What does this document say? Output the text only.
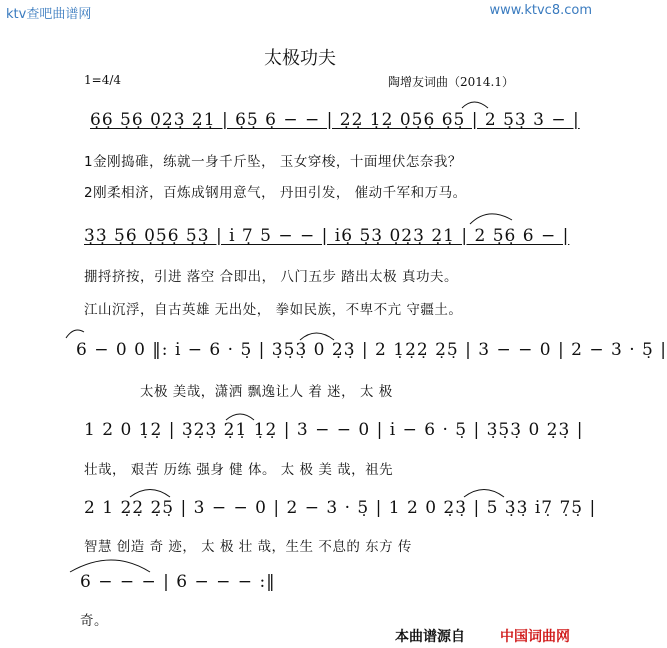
ktv查吧曲谱网	www.ktvc8.com
太极功夫
1=4/4	陶增友词曲（2014.1）
6̣6̣ 5̣6̣ 0̣2̣3̣ 2̣1̣ | 6̣5̣ 6̣ − − | 2̣2̣ 1̣2̣ 0̣5̣6̣ 6̣5̣ | 2 5̣3̣ 3 − |
1金刚捣碓，练就一身千斤坠， 玉女穿梭，十面埋伏怎奈我？
2刚柔相济，百炼成钢用意气， 丹田引发， 催动千军和万马。
3̣3̣ 5̣6̣ 0̣5̣6̣ 5̣3̣ | i̇ 7̣ 5 − − | i̇6̣ 5̣3̣ 0̣2̣3̣ 2̣1̣ | 2 5̣6̣ 6 − |
掤捋挤按，引进 落空 合即出， 八门五步 踏出太极 真功夫。
江山沉浮，自古英雄 无出处， 拳如民族，不卑不亢 守疆土。
6 − 0 0 ‖: i̇ − 6 · 5̣ | 3̣5̣3̣ 0 2̣3̣ | 2 1̣2̣2̣ 2̣5̣ | 3 − − 0 | 2 − 3 · 5̣ |
太极 美哉，潇洒 飘逸让人 着 迷， 太 极
1 2 0 1̣2̣ | 3̣2̣3̣ 2̣1̣ 1̣2̣ | 3 − − 0 | i̇ − 6 · 5̣ | 3̣5̣3̣ 0 2̣3̣ |
壮哉， 艰苦 历练 强身 健 体。 太 极 美 哉，祖先
2 1 2̣2̣ 2̣5̣ | 3 − − 0 | 2 − 3 · 5̣ | 1 2 0 2̣3̣ | 5 3̣3̣ i̇7̣ 7̣5̣ |
智慧 创造 奇 迹， 太 极 壮 哉，生生 不息的 东方 传
6 − − − | 6 − − − :‖
奇。
本曲谱源自	中国词曲网
